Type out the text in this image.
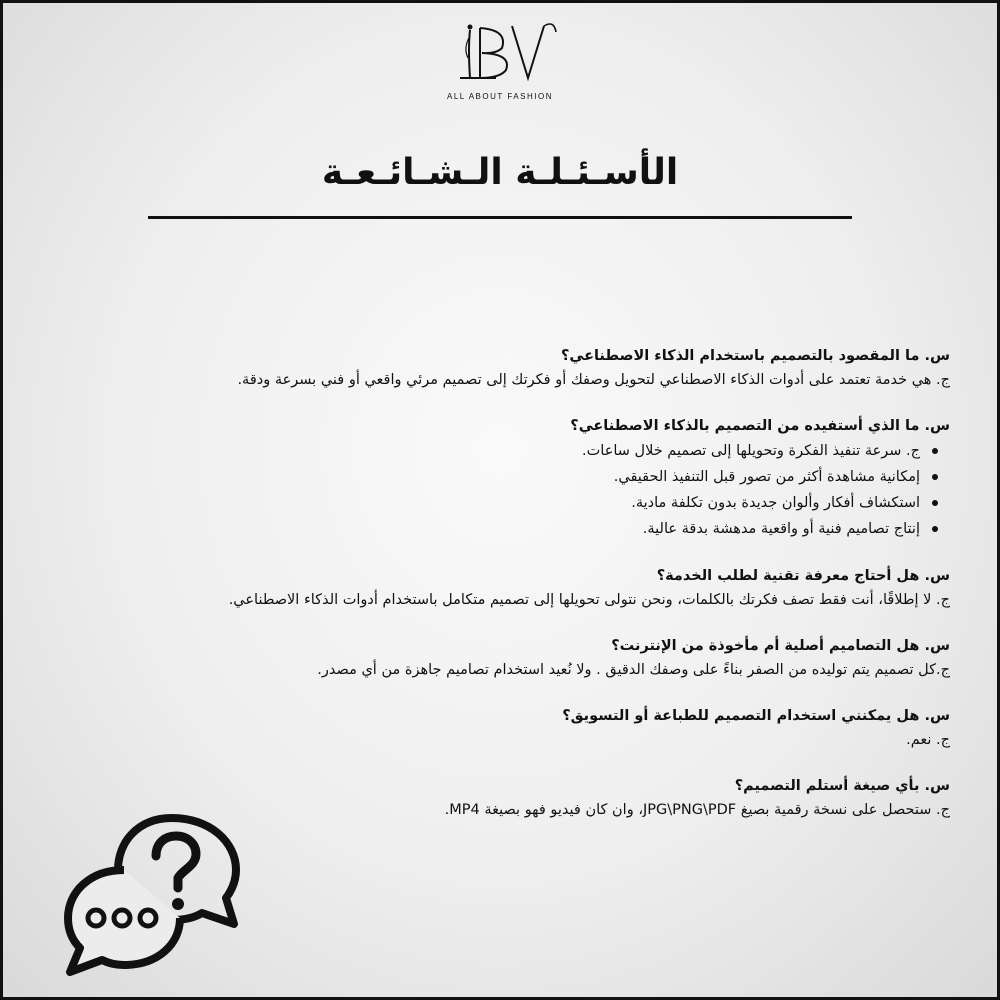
ALL ABOUT FASHION
الأسـئـلـة الـشـائـعـة

س. ما المقصود بالتصميم باستخدام الذكاء الاصطناعي؟

ج. هي خدمة تعتمد على أدوات الذكاء الاصطناعي لتحويل وصفك أو فكرتك إلى تصميم مرئي واقعي أو فني بسرعة ودقة.

س. ما الذي أستفيده من التصميم بالذكاء الاصطناعي؟

ج. سرعة تنفيذ الفكرة وتحويلها إلى تصميم خلال ساعات.
إمكانية مشاهدة أكثر من تصور قبل التنفيذ الحقيقي.
استكشاف أفكار وألوان جديدة بدون تكلفة مادية.
إنتاج تصاميم فنية أو واقعية مدهشة بدقة عالية.

س. هل أحتاج معرفة تقنية لطلب الخدمة؟

ج. لا إطلاقًا، أنت فقط تصف فكرتك بالكلمات، ونحن نتولى تحويلها إلى تصميم متكامل باستخدام أدوات الذكاء الاصطناعي.

س. هل التصاميم أصلية أم مأخوذة من الإنترنت؟

ج.كل تصميم يتم توليده من الصفر بناءً على وصفك الدقيق . ولا نُعيد استخدام تصاميم جاهزة من أي مصدر.

س. هل يمكنني استخدام التصميم للطباعة أو التسويق؟

ج. نعم.

س. بأي صيغة أستلم التصميم؟

ج. ستحصل على نسخة رقمية بصيغ JPG\PNG\PDF، وان كان فيديو فهو بصيغة MP4.
